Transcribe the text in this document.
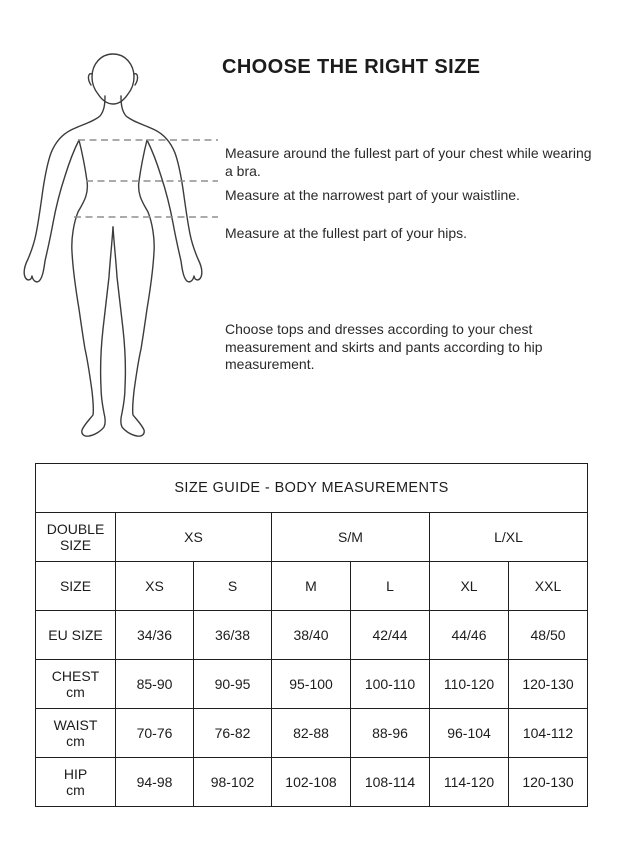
CHOOSE THE RIGHT SIZE

Measure around the fullest part of your chest while wearing a bra.

Measure at the narrowest part of your waistline.

Measure at the fullest part of your hips.

Choose tops and dresses according to your chest measurement and skirts and pants according to hip measurement.

SIZE GUIDE - BODY MEASUREMENTS						
DOUBLE SIZE	XS		S/M		L/XL	
SIZE	XS	S	M	L	XL	XXL
EU SIZE	34/36	36/38	38/40	42/44	44/46	48/50
CHEST
cm	85-90	90-95	95-100	100-110	110-120	120-130
WAIST
cm	70-76	76-82	82-88	88-96	96-104	104-112
HIP
cm	94-98	98-102	102-108	108-114	114-120	120-130
